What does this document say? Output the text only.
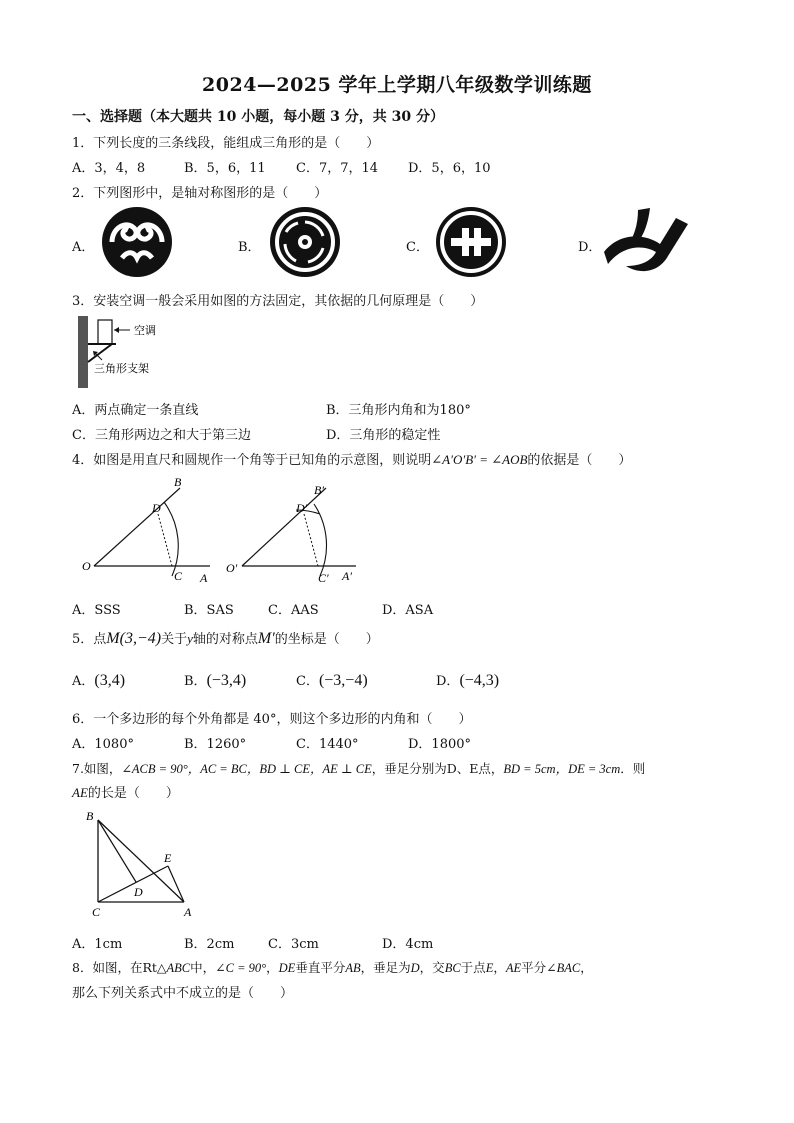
2024—2025 学年上学期八年级数学训练题
一、选择题（本大题共 10 小题，每小题 3 分，共 30 分）
1．下列长度的三条线段，能组成三角形的是（　　）
A．3，4，8	B．5，6，11 C．7，7，14 D．5，6，10
2．下列图形中，是轴对称图形的是（　　）
A．	B．	C．	D．
3．安装空调一般会采用如图的方法固定，其依据的几何原理是（　　）
空调
三角形支架
A．两点确定一条直线	B．三角形内角和为180°
C．三角形两边之和大于第三边	D．三角形的稳定性
4．如图是用直尺和圆规作一个角等于已知角的示意图，则说明∠A′O′B′ = ∠AOB的依据是（　　）
B
D
O
C A
B′
D′
O′
C′ A′
A．SSS	B．SAS	C．AAS	D．ASA
5．点M(3,−4)关于y轴的对称点M′的坐标是（　　）
A．(3,4)	B．(−3,4)	C．(−3,−4)	D．(−4,3)
6．一个多边形的每个外角都是 40°，则这个多边形的内角和（　　）
A．1080°	B．1260°	C．1440°	D．1800°
7.如图，∠ACB = 90°，AC = BC，BD ⊥ CE，AE ⊥ CE，垂足分别为D、E点，BD = 5cm，DE = 3cm．则
AE的长是（　　）
B
E
D
C	A
A．1cm	B．2cm	C．3cm	D．4cm
8．如图，在Rt△ABC中，∠C = 90°，DE垂直平分AB，垂足为D，交BC于点E，AE平分∠BAC，
那么下列关系式中不成立的是（　　）
